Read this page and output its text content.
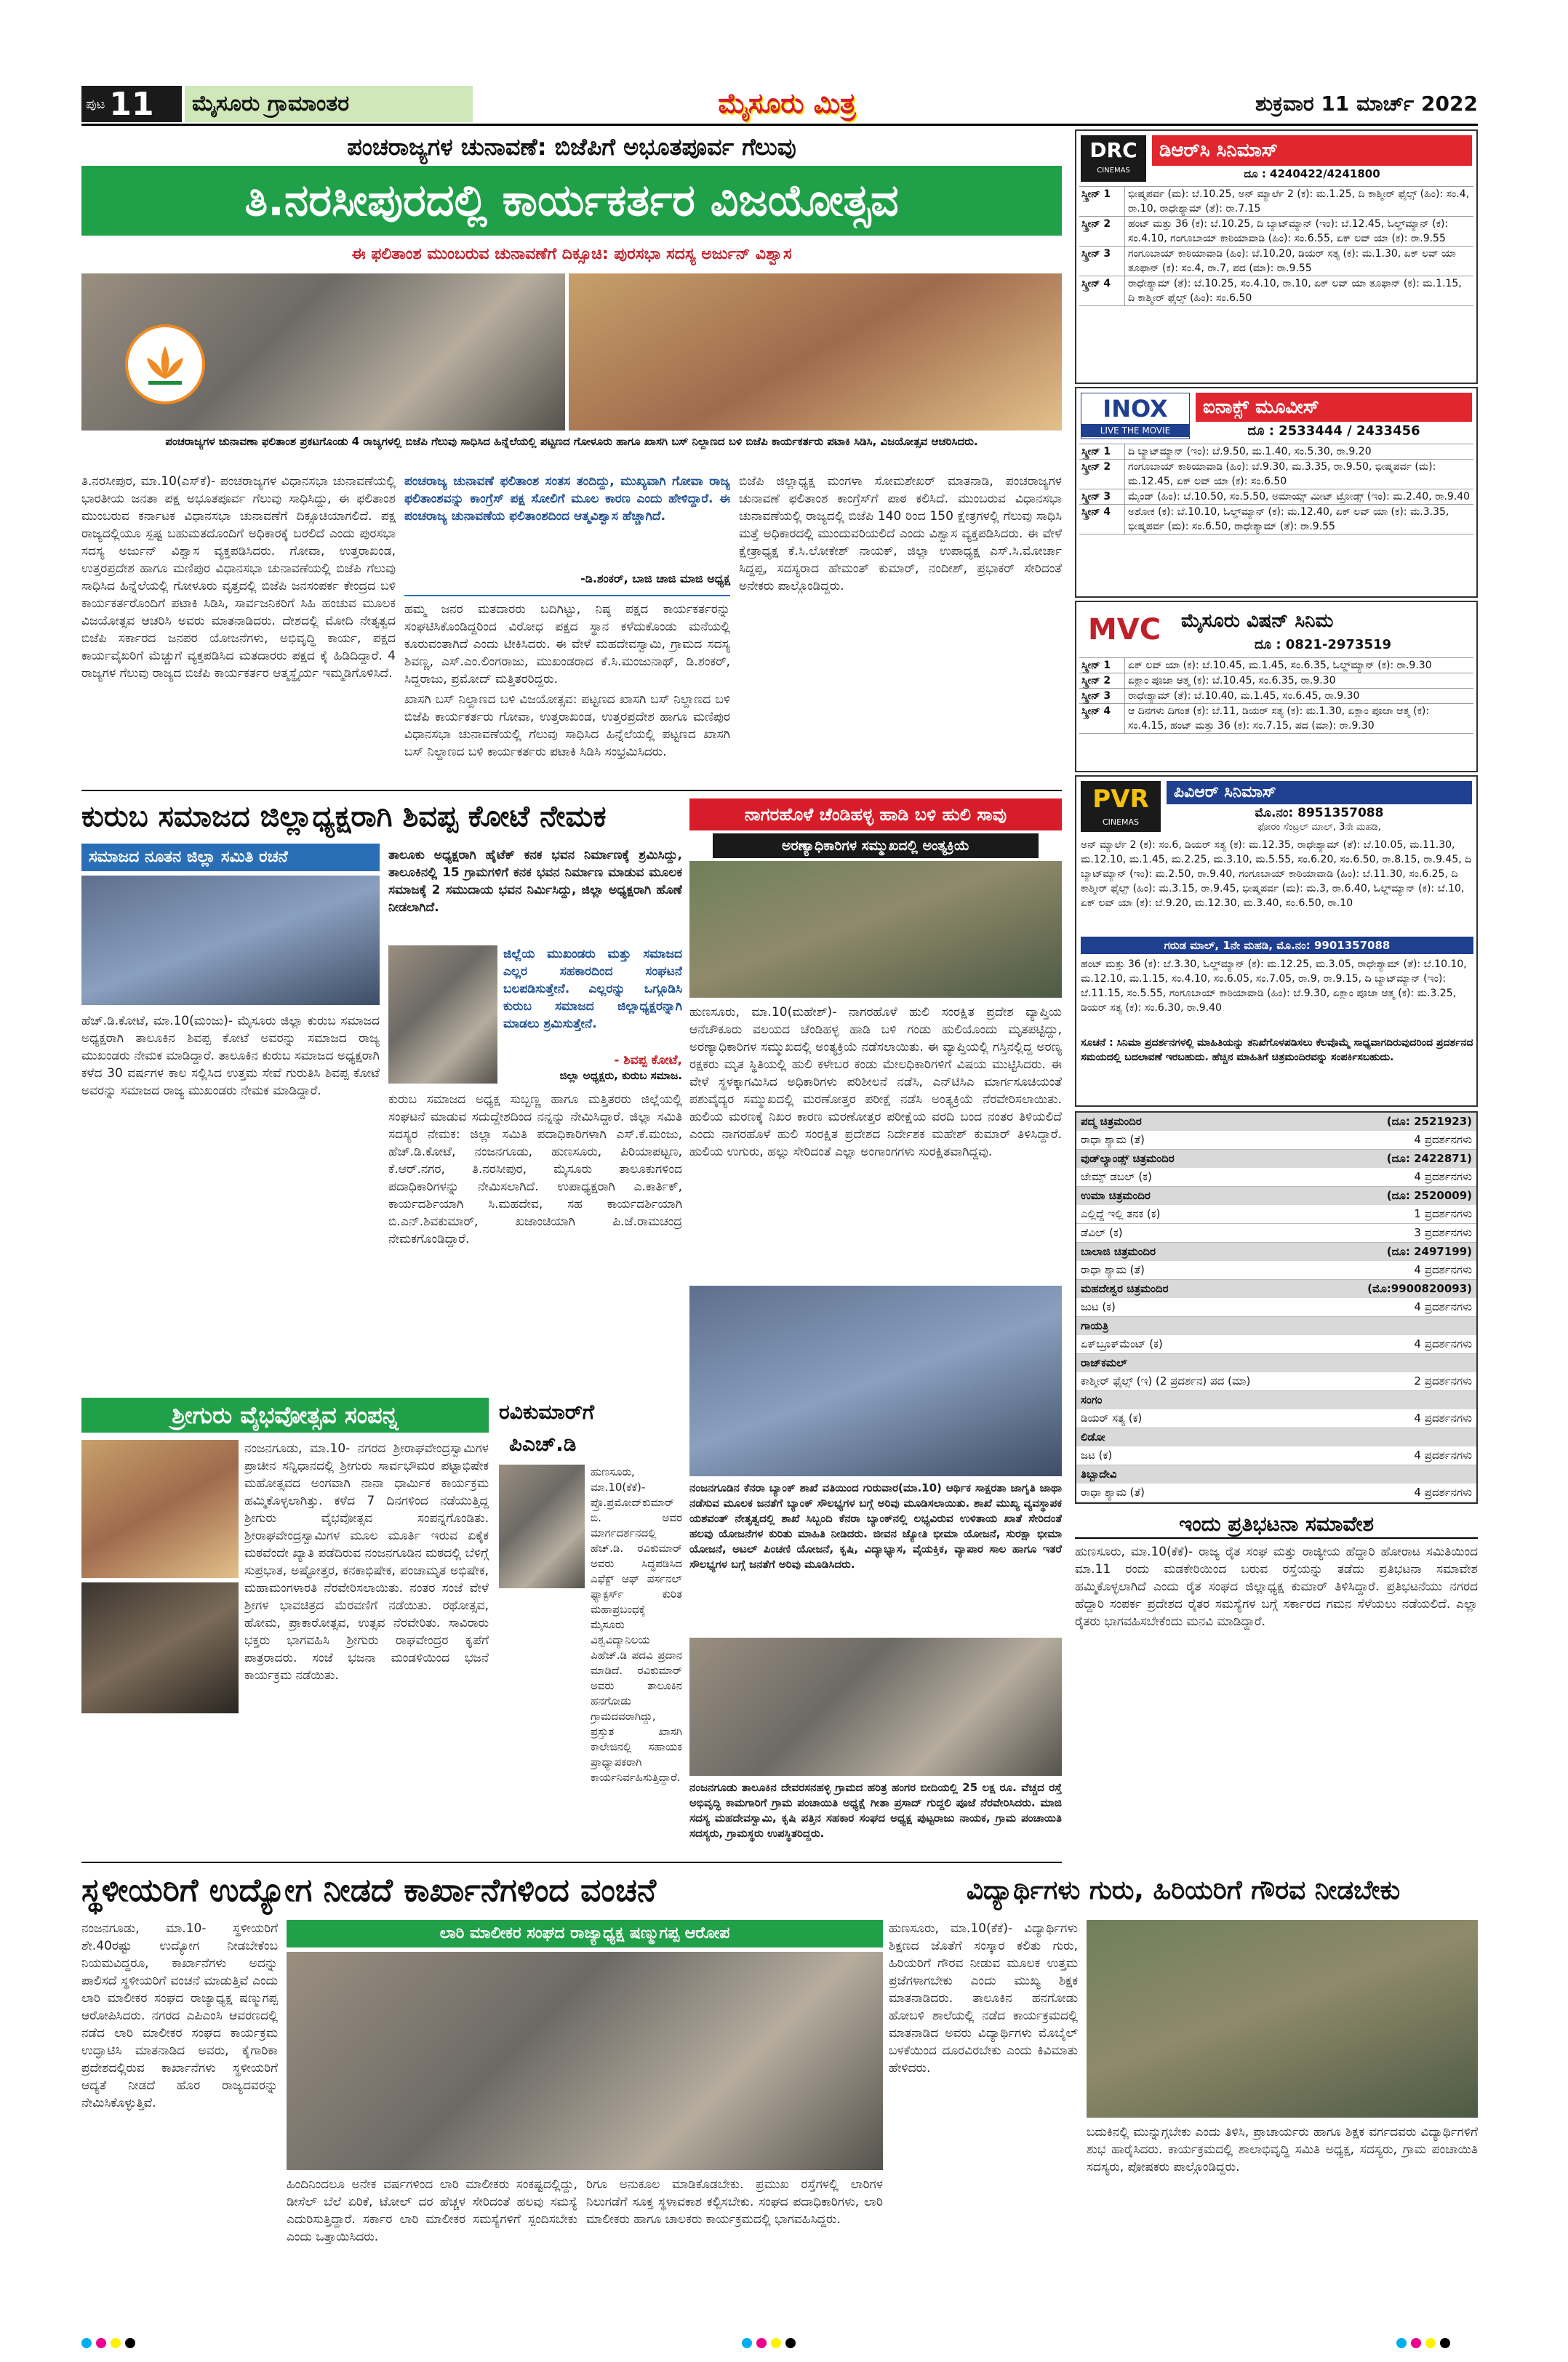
ಪುಟ 11	ಮೈಸೂರು ಗ್ರಾಮಾಂತರ	ಮೈಸೂರು ಮಿತ್ರ	ಶುಕ್ರವಾರ 11 ಮಾರ್ಚ್ 2022
ಪಂಚರಾಜ್ಯಗಳ ಚುನಾವಣೆ: ಬಿಜೆಪಿಗೆ ಅಭೂತಪೂರ್ವ ಗೆಲುವು
ತಿ.ನರಸೀಪುರದಲ್ಲಿ ಕಾರ್ಯಕರ್ತರ ವಿಜಯೋತ್ಸವ
ಈ ಫಲಿತಾಂಶ ಮುಂಬರುವ ಚುನಾವಣೆಗೆ ದಿಕ್ಸೂಚಿ: ಪುರಸಭಾ ಸದಸ್ಯ ಅರ್ಜುನ್ ವಿಶ್ವಾಸ
ಪಂಚರಾಜ್ಯಗಳ ಚುನಾವಣಾ ಫಲಿತಾಂಶ ಪ್ರಕಟಗೊಂಡು 4 ರಾಜ್ಯಗಳಲ್ಲಿ ಬಿಜೆಪಿ ಗೆಲುವು ಸಾಧಿಸಿದ ಹಿನ್ನೆಲೆಯಲ್ಲಿ ಪಟ್ಟಣದ ಗೋಳೂರು ಹಾಗೂ ಖಾಸಗಿ ಬಸ್ ನಿಲ್ದಾಣದ ಬಳಿ ಬಿಜೆಪಿ ಕಾರ್ಯಕರ್ತರು ಪಟಾಕಿ ಸಿಡಿಸಿ, ವಿಜಯೋತ್ಸವ ಆಚರಿಸಿದರು.
ತಿ.ನರಸೀಪುರ, ಮಾ.10(ಎಸ್‌ಕೆ)- ಪಂಚರಾಜ್ಯಗಳ ವಿಧಾನಸಭಾ ಚುನಾವಣೆಯಲ್ಲಿ ಭಾರತೀಯ ಜನತಾ ಪಕ್ಷ ಅಭೂತಪೂರ್ವ ಗೆಲುವು ಸಾಧಿಸಿದ್ದು, ಈ ಫಲಿತಾಂಶ ಮುಂಬರುವ ಕರ್ನಾಟಕ ವಿಧಾನಸಭಾ ಚುನಾವಣೆಗೆ ದಿಕ್ಸೂಚಿಯಾಗಲಿದೆ. ಪಕ್ಷ ರಾಜ್ಯದಲ್ಲಿಯೂ ಸ್ಪಷ್ಟ ಬಹುಮತದೊಂದಿಗೆ ಅಧಿಕಾರಕ್ಕೆ ಬರಲಿದೆ ಎಂದು ಪುರಸಭಾ ಸದಸ್ಯ ಅರ್ಜುನ್ ವಿಶ್ವಾಸ ವ್ಯಕ್ತಪಡಿಸಿದರು. ಗೋವಾ, ಉತ್ತರಾಖಂಡ, ಉತ್ತರಪ್ರದೇಶ ಹಾಗೂ ಮಣಿಪುರ ವಿಧಾನಸಭಾ ಚುನಾವಣೆಯಲ್ಲಿ ಬಿಜೆಪಿ ಗೆಲುವು ಸಾಧಿಸಿದ ಹಿನ್ನೆಲೆಯಲ್ಲಿ ಗೋಳೂರು ವೃತ್ತದಲ್ಲಿ ಬಿಜೆಪಿ ಜನಸಂಪರ್ಕ ಕೇಂದ್ರದ ಬಳಿ ಕಾರ್ಯಕರ್ತರೊಂದಿಗೆ ಪಟಾಕಿ ಸಿಡಿಸಿ, ಸಾರ್ವಜನಿಕರಿಗೆ ಸಿಹಿ ಹಂಚುವ ಮೂಲಕ ವಿಜಯೋತ್ಸವ ಆಚರಿಸಿ ಅವರು ಮಾತನಾಡಿದರು. ದೇಶದಲ್ಲಿ ಮೋದಿ ನೇತೃತ್ವದ ಬಿಜೆಪಿ ಸರ್ಕಾರದ ಜನಪರ ಯೋಜನೆಗಳು, ಅಭಿವೃದ್ಧಿ ಕಾರ್ಯ, ಪಕ್ಷದ ಕಾರ್ಯವೈಖರಿಗೆ ಮೆಚ್ಚುಗೆ ವ್ಯಕ್ತಪಡಿಸಿದ ಮತದಾರರು ಪಕ್ಷದ ಕೈ ಹಿಡಿದಿದ್ದಾರೆ. 4 ರಾಜ್ಯಗಳ ಗೆಲುವು ರಾಜ್ಯದ ಬಿಜೆಪಿ ಕಾರ್ಯಕರ್ತರ ಆತ್ಮಸ್ಥೈರ್ಯ ಇಮ್ಮಡಿಗೊಳಿಸಿದೆ.
ಪಂಚರಾಜ್ಯ ಚುನಾವಣೆ ಫಲಿತಾಂಶ ಸಂತಸ ತಂದಿದ್ದು, ಮುಖ್ಯವಾಗಿ ಗೋವಾ ರಾಜ್ಯ ಫಲಿತಾಂಶವನ್ನು ಕಾಂಗ್ರೆಸ್ ಪಕ್ಷ ಸೋಲಿಗೆ ಮೂಲ ಕಾರಣ ಎಂದು ಹೇಳಿದ್ದಾರೆ. ಈ ಪಂಚರಾಜ್ಯ ಚುನಾವಣೆಯ ಫಲಿತಾಂಶದಿಂದ ಆತ್ಮವಿಶ್ವಾಸ ಹೆಚ್ಚಾಗಿದೆ.
-ಡಿ.ಶಂಕರ್, ಬಾಜಿ ಚಾಜಿ ಮಾಜಿ ಅಧ್ಯಕ್ಷ
ಹಮ್ಮ ಜನರ ಮತದಾರರು ಬದಿಗಿಟ್ಟು, ನಿಷ್ಠ ಪಕ್ಷದ ಕಾರ್ಯಕರ್ತರನ್ನು ಸಂಘಟಿಸಿಕೊಂಡಿದ್ದರಿಂದ ವಿರೋಧ ಪಕ್ಷದ ಸ್ಥಾನ ಕಳೆದುಕೊಂಡು ಮನೆಯಲ್ಲಿ ಕೂರುವಂತಾಗಿದೆ ಎಂದು ಟೀಕಿಸಿದರು. ಈ ವೇಳೆ ಮಹದೇವಸ್ವಾಮಿ, ಗ್ರಾಮದ ಸದಸ್ಯ ಶಿವಣ್ಣ, ಎಸ್.ಎಂ.ಲಿಂಗರಾಜು, ಮುಖಂಡರಾದ ಕೆ.ಸಿ.ಮಂಜುನಾಥ್, ಡಿ.ಶಂಕರ್, ಸಿದ್ದರಾಜು, ಪ್ರಮೋದ್ ಮತ್ತಿತರರಿದ್ದರು.
ಖಾಸಗಿ ಬಸ್ ನಿಲ್ದಾಣದ ಬಳಿ ವಿಜಯೋತ್ಸವ: ಪಟ್ಟಣದ ಖಾಸಗಿ ಬಸ್ ನಿಲ್ದಾಣದ ಬಳಿ ಬಿಜೆಪಿ ಕಾರ್ಯಕರ್ತರು ಗೋವಾ, ಉತ್ತರಾಖಂಡ, ಉತ್ತರಪ್ರದೇಶ ಹಾಗೂ ಮಣಿಪುರ ವಿಧಾನಸಭಾ ಚುನಾವಣೆಯಲ್ಲಿ ಗೆಲುವು ಸಾಧಿಸಿದ ಹಿನ್ನೆಲೆಯಲ್ಲಿ ಪಟ್ಟಣದ ಖಾಸಗಿ ಬಸ್ ನಿಲ್ದಾಣದ ಬಳಿ ಕಾರ್ಯಕರ್ತರು ಪಟಾಕಿ ಸಿಡಿಸಿ ಸಂಭ್ರಮಿಸಿದರು.
ಬಿಜೆಪಿ ಜಿಲ್ಲಾಧ್ಯಕ್ಷ ಮಂಗಳಾ ಸೋಮಶೇಖರ್ ಮಾತನಾಡಿ, ಪಂಚರಾಜ್ಯಗಳ ಚುನಾವಣೆ ಫಲಿತಾಂಶ ಕಾಂಗ್ರೆಸ್‌ಗೆ ಪಾಠ ಕಲಿಸಿದೆ. ಮುಂಬರುವ ವಿಧಾನಸಭಾ ಚುನಾವಣೆಯಲ್ಲಿ ರಾಜ್ಯದಲ್ಲಿ ಬಿಜೆಪಿ 140 ರಿಂದ 150 ಕ್ಷೇತ್ರಗಳಲ್ಲಿ ಗೆಲುವು ಸಾಧಿಸಿ ಮತ್ತೆ ಅಧಿಕಾರದಲ್ಲಿ ಮುಂದುವರಿಯಲಿದೆ ಎಂದು ವಿಶ್ವಾಸ ವ್ಯಕ್ತಪಡಿಸಿದರು. ಈ ವೇಳೆ ಕ್ಷೇತ್ರಾಧ್ಯಕ್ಷ ಕೆ.ಸಿ.ಲೋಕೇಶ್ ನಾಯಕ್, ಜಿಲ್ಲಾ ಉಪಾಧ್ಯಕ್ಷ ಎಸ್.ಸಿ.ಮೋರ್ಚಾ ಸಿದ್ದಪ್ಪ, ಸದಸ್ಯರಾದ ಹೇಮಂತ್ ಕುಮಾರ್, ನಂದೀಶ್, ಪ್ರಭಾಕರ್ ಸೇರಿದಂತೆ ಅನೇಕರು ಪಾಲ್ಗೊಂಡಿದ್ದರು.
ಕುರುಬ ಸಮಾಜದ ಜಿಲ್ಲಾಧ್ಯಕ್ಷರಾಗಿ ಶಿವಪ್ಪ ಕೋಟೆ ನೇಮಕ
ಸಮಾಜದ ನೂತನ ಜಿಲ್ಲಾ ಸಮಿತಿ ರಚನೆ
ಹೆಚ್.ಡಿ.ಕೋಟೆ, ಮಾ.10(ಮಂಜು)- ಮೈಸೂರು ಜಿಲ್ಲಾ ಕುರುಬ ಸಮಾಜದ ಅಧ್ಯಕ್ಷರಾಗಿ ತಾಲೂಕಿನ ಶಿವಪ್ಪ ಕೋಟೆ ಅವರನ್ನು ಸಮಾಜದ ರಾಜ್ಯ ಮುಖಂಡರು ನೇಮಕ ಮಾಡಿದ್ದಾರೆ. ತಾಲೂಕಿನ ಕುರುಬ ಸಮಾಜದ ಅಧ್ಯಕ್ಷರಾಗಿ ಕಳೆದ 30 ವರ್ಷಗಳ ಕಾಲ ಸಲ್ಲಿಸಿದ ಉತ್ತಮ ಸೇವೆ ಗುರುತಿಸಿ ಶಿವಪ್ಪ ಕೋಟೆ ಅವರನ್ನು ಸಮಾಜದ ರಾಜ್ಯ ಮುಖಂಡರು ನೇಮಕ ಮಾಡಿದ್ದಾರೆ.
ತಾಲೂಕು ಅಧ್ಯಕ್ಷರಾಗಿ ಹೈಟೆಕ್ ಕನಕ ಭವನ ನಿರ್ಮಾಣಕ್ಕೆ ಶ್ರಮಿಸಿದ್ದು, ತಾಲೂಕಿನಲ್ಲಿ 15 ಗ್ರಾಮಗಳಿಗೆ ಕನಕ ಭವನ ನಿರ್ಮಾಣ ಮಾಡುವ ಮೂಲಕ ಸಮಾಜಕ್ಕೆ 2 ಸಮುದಾಯ ಭವನ ನಿರ್ಮಿಸಿದ್ದು, ಜಿಲ್ಲಾ ಅಧ್ಯಕ್ಷರಾಗಿ ಹೊಣೆ ನೀಡಲಾಗಿದೆ.
ಜಿಲ್ಲೆಯ ಮುಖಂಡರು ಮತ್ತು ಸಮಾಜದ ಎಲ್ಲರ ಸಹಕಾರದಿಂದ ಸಂಘಟನೆ ಬಲಪಡಿಸುತ್ತೇನೆ. ಎಲ್ಲರನ್ನು ಒಗ್ಗೂಡಿಸಿ ಕುರುಬ ಸಮಾಜದ ಜಿಲ್ಲಾಧ್ಯಕ್ಷರನ್ನಾಗಿ ಮಾಡಲು ಶ್ರಮಿಸುತ್ತೇನೆ.
- ಶಿವಪ್ಪ ಕೋಟೆ,
ಜಿಲ್ಲಾ ಅಧ್ಯಕ್ಷರು, ಕುರುಬ ಸಮಾಜ.
ಕುರುಬ ಸಮಾಜದ ಅಧ್ಯಕ್ಷ ಸುಬ್ಬಣ್ಣ ಹಾಗೂ ಮತ್ತಿತರರು ಜಿಲ್ಲೆಯಲ್ಲಿ ಸಂಘಟನೆ ಮಾಡುವ ಸದುದ್ದೇಶದಿಂದ ನನ್ನನ್ನು ನೇಮಿಸಿದ್ದಾರೆ. ಜಿಲ್ಲಾ ಸಮಿತಿ ಸದಸ್ಯರ ನೇಮಕ: ಜಿಲ್ಲಾ ಸಮಿತಿ ಪದಾಧಿಕಾರಿಗಳಾಗಿ ಎಸ್.ಕೆ.ಮಂಜು, ಹೆಚ್.ಡಿ.ಕೋಟೆ, ನಂಜನಗೂಡು, ಹುಣಸೂರು, ಪಿರಿಯಾಪಟ್ಟಣ, ಕೆ.ಆರ್.ನಗರ, ತಿ.ನರಸೀಪುರ, ಮೈಸೂರು ತಾಲೂಕುಗಳಿಂದ ಪದಾಧಿಕಾರಿಗಳನ್ನು ನೇಮಿಸಲಾಗಿದೆ. ಉಪಾಧ್ಯಕ್ಷರಾಗಿ ಎ.ಕಾರ್ತಿಕ್, ಕಾರ್ಯದರ್ಶಿಯಾಗಿ ಸಿ.ಮಹದೇವ, ಸಹ ಕಾರ್ಯದರ್ಶಿಯಾಗಿ ಬಿ.ಎನ್.ಶಿವಕುಮಾರ್, ಖಜಾಂಚಿಯಾಗಿ ಪಿ.ಜೆ.ರಾಮಚಂದ್ರ ನೇಮಕಗೊಂಡಿದ್ದಾರೆ.
ನಾಗರಹೊಳೆ ಚೆಂಡಿಹಳ್ಳ ಹಾಡಿ ಬಳಿ ಹುಲಿ ಸಾವು
ಅರಣ್ಯಾಧಿಕಾರಿಗಳ ಸಮ್ಮುಖದಲ್ಲಿ ಅಂತ್ಯಕ್ರಿಯೆ
ಹುಣಸೂರು, ಮಾ.10(ಮಹೇಶ್)- ನಾಗರಹೊಳೆ ಹುಲಿ ಸಂರಕ್ಷಿತ ಪ್ರದೇಶ ವ್ಯಾಪ್ತಿಯ ಆನೆಚೌಕೂರು ವಲಯದ ಚೆಂಡಿಹಳ್ಳ ಹಾಡಿ ಬಳಿ ಗಂಡು ಹುಲಿಯೊಂದು ಮೃತಪಟ್ಟಿದ್ದು, ಅರಣ್ಯಾಧಿಕಾರಿಗಳ ಸಮ್ಮುಖದಲ್ಲಿ ಅಂತ್ಯಕ್ರಿಯೆ ನಡೆಸಲಾಯಿತು. ಈ ವ್ಯಾಪ್ತಿಯಲ್ಲಿ ಗಸ್ತಿನಲ್ಲಿದ್ದ ಅರಣ್ಯ ರಕ್ಷಕರು ಮೃತ ಸ್ಥಿತಿಯಲ್ಲಿ ಹುಲಿ ಕಳೇಬರ ಕಂಡು ಮೇಲಧಿಕಾರಿಗಳಿಗೆ ವಿಷಯ ಮುಟ್ಟಿಸಿದರು. ಈ ವೇಳೆ ಸ್ಥಳಕ್ಕಾಗಮಿಸಿದ ಅಧಿಕಾರಿಗಳು ಪರಿಶೀಲನೆ ನಡೆಸಿ, ಎನ್‌ಟಿಸಿಎ ಮಾರ್ಗಸೂಚಿಯಂತೆ ಪಶುವೈದ್ಯರ ಸಮ್ಮುಖದಲ್ಲಿ ಮರಣೋತ್ತರ ಪರೀಕ್ಷೆ ನಡೆಸಿ ಅಂತ್ಯಕ್ರಿಯೆ ನೆರವೇರಿಸಲಾಯಿತು. ಹುಲಿಯ ಮರಣಕ್ಕೆ ನಿಖರ ಕಾರಣ ಮರಣೋತ್ತರ ಪರೀಕ್ಷೆಯ ವರದಿ ಬಂದ ನಂತರ ತಿಳಿಯಲಿದೆ ಎಂದು ನಾಗರಹೊಳೆ ಹುಲಿ ಸಂರಕ್ಷಿತ ಪ್ರದೇಶದ ನಿರ್ದೇಶಕ ಮಹೇಶ್ ಕುಮಾರ್ ತಿಳಿಸಿದ್ದಾರೆ. ಹುಲಿಯ ಉಗುರು, ಹಲ್ಲು ಸೇರಿದಂತೆ ಎಲ್ಲಾ ಅಂಗಾಂಗಗಳು ಸುರಕ್ಷಿತವಾಗಿದ್ದವು.
ನಂಜನಗೂಡಿನ ಕೆನರಾ ಬ್ಯಾಂಕ್ ಶಾಖೆ ವತಿಯಿಂದ ಗುರುವಾರ(ಮಾ.10) ಆರ್ಥಿಕ ಸಾಕ್ಷರತಾ ಜಾಗೃತಿ ಜಾಥಾ ನಡೆಸುವ ಮೂಲಕ ಜನತೆಗೆ ಬ್ಯಾಂಕ್ ಸೌಲಭ್ಯಗಳ ಬಗ್ಗೆ ಅರಿವು ಮೂಡಿಸಲಾಯಿತು. ಶಾಖೆ ಮುಖ್ಯ ವ್ಯವಸ್ಥಾಪಕ ಯಶವಂತ್ ನೇತೃತ್ವದಲ್ಲಿ ಶಾಖೆ ಸಿಬ್ಬಂದಿ ಕೆನರಾ ಬ್ಯಾಂಕ್‌ನಲ್ಲಿ ಲಭ್ಯವಿರುವ ಉಳಿತಾಯ ಖಾತೆ ಸೇರಿದಂತೆ ಹಲವು ಯೋಜನೆಗಳ ಕುರಿತು ಮಾಹಿತಿ ನೀಡಿದರು. ಜೀವನ ಜ್ಯೋತಿ ಭೀಮಾ ಯೋಜನೆ, ಸುರಕ್ಷಾ ಭೀಮಾ ಯೋಜನೆ, ಅಟಲ್ ಪಿಂಚಣಿ ಯೋಜನೆ, ಕೃಷಿ, ವಿದ್ಯಾಭ್ಯಾಸ, ವೈಯಕ್ತಿಕ, ವ್ಯಾಪಾರ ಸಾಲ ಹಾಗೂ ಇತರೆ ಸೌಲಭ್ಯಗಳ ಬಗ್ಗೆ ಜನತೆಗೆ ಅರಿವು ಮೂಡಿಸಿದರು.
ನಂಜನಗೂಡು ತಾಲೂಕಿನ ದೇವರಸನಹಳ್ಳಿ ಗ್ರಾಮದ ಹರಿತ್ರ ಹಂಗರ ಬೀದಿಯಲ್ಲಿ 25 ಲಕ್ಷ ರೂ. ವೆಚ್ಚದ ರಸ್ತೆ ಅಭಿವೃದ್ಧಿ ಕಾಮಗಾರಿಗೆ ಗ್ರಾಮ ಪಂಚಾಯಿತಿ ಅಧ್ಯಕ್ಷೆ ಗೀತಾ ಪ್ರಸಾದ್ ಗುದ್ದಲಿ ಪೂಜೆ ನೆರವೇರಿಸಿದರು. ಮಾಜಿ ಸದಸ್ಯ ಮಹದೇವಸ್ವಾಮಿ, ಕೃಷಿ ಪತ್ತಿನ ಸಹಕಾರ ಸಂಘದ ಅಧ್ಯಕ್ಷ ಪುಟ್ಟರಾಜು ನಾಯಕ, ಗ್ರಾಮ ಪಂಚಾಯಿತಿ ಸದಸ್ಯರು, ಗ್ರಾಮಸ್ಥರು ಉಪಸ್ಥಿತರಿದ್ದರು.
ಶ್ರೀಗುರು ವೈಭವೋತ್ಸವ ಸಂಪನ್ನ
ನಂಜನಗೂಡು, ಮಾ.10- ನಗರದ ಶ್ರೀರಾಘವೇಂದ್ರಸ್ವಾಮಿಗಳ ಪ್ರಾಚೀನ ಸನ್ನಿಧಾನದಲ್ಲಿ ಶ್ರೀಗುರು ಸಾರ್ವಭೌಮರ ಪಟ್ಟಾಭಿಷೇಕ ಮಹೋತ್ಸವದ ಅಂಗವಾಗಿ ನಾನಾ ಧಾರ್ಮಿಕ ಕಾರ್ಯಕ್ರಮ ಹಮ್ಮಿಕೊಳ್ಳಲಾಗಿತ್ತು. ಕಳೆದ 7 ದಿನಗಳಿಂದ ನಡೆಯುತ್ತಿದ್ದ ಶ್ರೀಗುರು ವೈಭವೋತ್ಸವ ಸಂಪನ್ನಗೊಂಡಿತು. ಶ್ರೀರಾಘವೇಂದ್ರಸ್ವಾಮಿಗಳ ಮೂಲ ಮೂರ್ತಿ ಇರುವ ಏಕೈಕ ಮಠವೆಂದೇ ಖ್ಯಾತಿ ಪಡೆದಿರುವ ನಂಜನಗೂಡಿನ ಮಠದಲ್ಲಿ ಬೆಳಿಗ್ಗೆ ಸುಪ್ರಭಾತ, ಅಷ್ಟೋತ್ತರ, ಕನಕಾಭಿಷೇಕ, ಪಂಚಾಮೃತ ಅಭಿಷೇಕ, ಮಹಾಮಂಗಳಾರತಿ ನೆರವೇರಿಸಲಾಯಿತು. ನಂತರ ಸಂಜೆ ವೇಳೆ ಶ್ರೀಗಳ ಭಾವಚಿತ್ರದ ಮೆರವಣಿಗೆ ನಡೆಯಿತು. ರಥೋತ್ಸವ, ಹೋಮ, ಪ್ರಾಕಾರೋತ್ಸವ, ಉತ್ಸವ ನೆರವೇರಿತು. ಸಾವಿರಾರು ಭಕ್ತರು ಭಾಗವಹಿಸಿ ಶ್ರೀಗುರು ರಾಘವೇಂದ್ರರ ಕೃಪೆಗೆ ಪಾತ್ರರಾದರು. ಸಂಜೆ ಭಜನಾ ಮಂಡಳಿಯಿಂದ ಭಜನೆ ಕಾರ್ಯಕ್ರಮ ನಡೆಯಿತು.
ರವಿಕುಮಾರ್‌ಗೆ
ಪಿಎಚ್.ಡಿ
ಹುಣಸೂರು, ಮಾ.10(ಕೆಕೆ)- ಪ್ರೊ.ಪ್ರಮೋದ್‌ಕುಮಾರ್ ಬಿ. ಅವರ ಮಾರ್ಗದರ್ಶನದಲ್ಲಿ ಹೆಚ್.ಡಿ. ರವಿಕುಮಾರ್ ಅವರು ಸಿದ್ಧಪಡಿಸಿದ ಎಫೆಕ್ಟ್ ಆಫ್ ಪರ್ಸನಲ್ ಫ್ಯಾಕ್ಟರ್ಸ್ ಕುರಿತ ಮಹಾಪ್ರಬಂಧಕ್ಕೆ ಮೈಸೂರು ವಿಶ್ವವಿದ್ಯಾನಿಲಯ ಪಿಹೆಚ್.ಡಿ ಪದವಿ ಪ್ರದಾನ ಮಾಡಿದೆ. ರವಿಕುಮಾರ್ ಅವರು ತಾಲೂಕಿನ ಹನಗೋಡು ಗ್ರಾಮದವರಾಗಿದ್ದು, ಪ್ರಸ್ತುತ ಖಾಸಗಿ ಕಾಲೇಜಿನಲ್ಲಿ ಸಹಾಯಕ ಪ್ರಾಧ್ಯಾಪಕರಾಗಿ ಕಾರ್ಯನಿರ್ವಹಿಸುತ್ತಿದ್ದಾರೆ.
DRC
CINEMAS
ಡಿಆರ್‌ಸಿ ಸಿನಿಮಾಸ್
ದೂ : 4240422/4241800
ಸ್ಕ್ರೀನ್ 1	ಭೀಷ್ಮಪರ್ವ (ಮ): ಬೆ.10.25, ಅನ್ ಮ್ಯಾರ್ಲೆ 2 (ಕ): ಮ.1.25, ದಿ ಕಾಶ್ಮೀರ್ ಫೈಲ್ಸ್ (ಹಿಂ): ಸಂ.4, ರಾ.10, ರಾಧೇಶ್ಯಾಮ್ (ತೆ): ರಾ.7.15
ಸ್ಕ್ರೀನ್ 2	ಹಂಟ್ ಮತ್ತು 36 (ಕ): ಬೆ.10.25, ದಿ ಬ್ಯಾಟ್‌ಮ್ಯಾನ್ (ಇಂ): ಬೆ.12.45, ಓಲ್ಡ್‌ಮ್ಯಾನ್ (ಕ): ಸಂ.4.10, ಗಂಗೂಬಾಯ್ ಕಾಠಿಯಾವಾಡಿ (ಹಿಂ): ಸಂ.6.55, ಏಕ್ ಲವ್ ಯಾ (ಕ): ರಾ.9.55
ಸ್ಕ್ರೀನ್ 3	ಗಂಗೂಬಾಯ್ ಕಾಠಿಯಾವಾಡಿ (ಹಿಂ): ಬೆ.10.20, ಡಿಯರ್ ಸತ್ಯ (ಕ): ಮ.1.30, ಏಕ್ ಲವ್ ಯಾ ತೂಫಾನ್ (ಕ): ಸಂ.4, ರಾ.7, ಪದ (ಮಾ): ರಾ.9.55
ಸ್ಕ್ರೀನ್ 4	ರಾಧೇಶ್ಯಾಮ್ (ತೆ): ಬೆ.10.25, ಸಂ.4.10, ರಾ.10, ಏಕ್ ಲವ್ ಯಾ ತೂಫಾನ್ (ಕ): ಮ.1.15, ದಿ ಕಾಶ್ಮೀರ್ ಫೈಲ್ಸ್ (ಹಿಂ): ಸಂ.6.50
INOX
LIVE THE MOVIE
ಐನಾಕ್ಸ್ ಮೂವೀಸ್
ದೂ : 2533444 / 2433456
ಸ್ಕ್ರೀನ್ 1	ದಿ ಬ್ಯಾಟ್‌ಮ್ಯಾನ್ (ಇಂ): ಬೆ.9.50, ಮ.1.40, ಸಂ.5.30, ರಾ.9.20
ಸ್ಕ್ರೀನ್ 2	ಗಂಗೂಬಾಯ್ ಕಾಠಿಯಾವಾಡಿ (ಹಿಂ): ಬೆ.9.30, ಮ.3.35, ರಾ.9.50, ಭೀಷ್ಮಪರ್ವ (ಮ): ಮ.12.45, ಏಕ್ ಲವ್ ಯಾ (ಕ): ಸಂ.6.50
ಸ್ಕ್ರೀನ್ 3	ಮೈಂಡ್ (ಹಿಂ): ಬೆ.10.50, ಸಂ.5.50, ಅಮಾಯ್ಸ್ ಮೀಟ್ ಟ್ರೋಡ್ಸ್ (ಇಂ): ಮ.2.40, ರಾ.9.40
ಸ್ಕ್ರೀನ್ 4	ಅಶೋಕ (ಕ): ಬೆ.10.10, ಓಲ್ಡ್‌ಮ್ಯಾನ್ (ಕ): ಮ.12.40, ಏಕ್ ಲವ್ ಯಾ (ಕ): ಮ.3.35, ಭೀಷ್ಮಪರ್ವ (ಮ): ಸಂ.6.50, ರಾಧೇಶ್ಯಾಮ್ (ತೆ): ರಾ.9.55
MVC	ಮೈಸೂರು ವಿಷನ್ ಸಿನಿಮ
ದೂ : 0821-2973519
ಸ್ಕ್ರೀನ್ 1	ಏಕ್ ಲವ್ ಯಾ (ಕ): ಬೆ.10.45, ಮ.1.45, ಸಂ.6.35, ಓಲ್ಡ್‌ಮ್ಯಾನ್ (ಕ): ರಾ.9.30
ಸ್ಕ್ರೀನ್ 2	ಏಕ್ಲಾಂ ಪೂಜಾ ಆತ್ಮ (ಕ): ಬೆ.10.45, ಸಂ.6.35, ರಾ.9.30
ಸ್ಕ್ರೀನ್ 3	ರಾಧೇಶ್ಯಾಮ್ (ತೆ): ಬೆ.10.40, ಮ.1.45, ಸಂ.6.45, ರಾ.9.30
ಸ್ಕ್ರೀನ್ 4	ಆ ದಿನಗಳು ದಿಗಂತ (ಕ): ಬೆ.11, ಡಿಯರ್ ಸತ್ಯ (ಕ): ಮ.1.30, ಏಕ್ಲಾಂ ಪೂಜಾ ಆತ್ಮ (ಕ): ಸಂ.4.15, ಹಂಟ್ ಮತ್ತು 36 (ಕ): ಸಂ.7.15, ಪದ (ಮಾ): ರಾ.9.30
PVR
CINEMAS
ಪಿವಿಆರ್ ಸಿನಿಮಾಸ್
ಮೊ.ನಂ: 8951357088
ಫೋರಂ ಸೆಂಟ್ರಲ್ ಮಾಲ್, 3ನೇ ಮಹಡಿ,
ಅನ್ ಮ್ಯಾರ್ಲೆ 2 (ಕ): ಸಂ.6, ಡಿಯರ್ ಸತ್ಯ (ಕ): ಮ.12.35, ರಾಧೇಶ್ಯಾಮ್ (ತೆ): ಬೆ.10.05, ಮ.11.30, ಮ.12.10, ಮ.1.45, ಮ.2.25, ಮ.3.10, ಮ.5.55, ಸಂ.6.20, ಸಂ.6.50, ರಾ.8.15, ರಾ.9.45, ದಿ ಬ್ಯಾಟ್‌ಮ್ಯಾನ್ (ಇಂ): ಮ.2.50, ರಾ.9.40, ಗಂಗೂಬಾಯ್ ಕಾಠಿಯಾವಾಡಿ (ಹಿಂ): ಬೆ.11.30, ಸಂ.6.25, ದಿ ಕಾಶ್ಮೀರ್ ಫೈಲ್ಸ್ (ಹಿಂ): ಮ.3.15, ರಾ.9.45, ಭೀಷ್ಮಪರ್ವ (ಮ): ಮ.3, ರಾ.6.40, ಓಲ್ಡ್‌ಮ್ಯಾನ್ (ಕ): ಬೆ.10, ಏಕ್ ಲವ್ ಯಾ (ಕ): ಬೆ.9.20, ಮ.12.30, ಮ.3.40, ಸಂ.6.50, ರಾ.10
ಗರುಡ ಮಾಲ್, 1ನೇ ಮಹಡಿ, ಮೊ.ನಂ: 9901357088
ಹಂಟ್ ಮತ್ತು 36 (ಕ): ಬೆ.3.30, ಓಲ್ಡ್‌ಮ್ಯಾನ್ (ಕ): ಮ.12.25, ಮ.3.05, ರಾಧೇಶ್ಯಾಮ್ (ತೆ): ಬೆ.10.10, ಮ.12.10, ಮ.1.15, ಸಂ.4.10, ಸಂ.6.05, ಸಂ.7.05, ರಾ.9, ರಾ.9.15, ದಿ ಬ್ಯಾಟ್‌ಮ್ಯಾನ್ (ಇಂ): ಬೆ.11.15, ಸಂ.5.55, ಗಂಗೂಬಾಯ್ ಕಾಠಿಯಾವಾಡಿ (ಹಿಂ): ಬೆ.9.30, ಏಕ್ಲಾಂ ಪೂಜಾ ಆತ್ಮ (ಕ): ಮ.3.25, ಡಿಯರ್ ಸತ್ಯ (ಕ): ಸಂ.6.30, ರಾ.9.40
ಸೂಚನೆ : ಸಿನಿಮಾ ಪ್ರದರ್ಶನಗಳಲ್ಲಿ ಮಾಹಿತಿಯನ್ನು ತನಿಖೆಗೊಳಪಡಿಸಲು ಕೆಲವೊಮ್ಮೆ ಸಾಧ್ಯವಾಗದಿರುವುದರಿಂದ ಪ್ರದರ್ಶನದ ಸಮಯದಲ್ಲಿ ಬದಲಾವಣೆ ಇರಬಹುದು. ಹೆಚ್ಚಿನ ಮಾಹಿತಿಗೆ ಚಿತ್ರಮಂದಿರವನ್ನು ಸಂಪರ್ಕಿಸಬಹುದು.
ಪದ್ಮ ಚಿತ್ರಮಂದಿರ	(ದೂ: 2521923)
ರಾಧಾ ಶ್ಯಾಮ (ತೆ)	4 ಪ್ರದರ್ಶನಗಳು
ವುಡ್‌ಲ್ಯಾಂಡ್ಸ್ ಚಿತ್ರಮಂದಿರ	(ದೂ: 2422871)
ಜೇಮ್ಸ್ ಡಬಲ್ (ಕ)	4 ಪ್ರದರ್ಶನಗಳು
ಉಮಾ ಚಿತ್ರಮಂದಿರ	(ದೂ: 2520009)
ಎಲ್ಲಿದ್ದೆ ಇಲ್ಲಿ ತನಕ (ಕ)	1 ಪ್ರದರ್ಶನಗಳು
ಡೆವಿಲ್ (ಕ)	3 ಪ್ರದರ್ಶನಗಳು
ಬಾಲಾಜಿ ಚಿತ್ರಮಂದಿರ	(ದೂ: 2497199)
ರಾಧಾ ಶ್ಯಾಮ (ತೆ)	4 ಪ್ರದರ್ಶನಗಳು
ಮಹದೇಶ್ವರ ಚಿತ್ರಮಂದಿರ	(ಮೊ:9900820093)
ಜುಟ (ಕ)	4 ಪ್ರದರ್ಶನಗಳು
ಗಾಯತ್ರಿ
ಏಕ್‌ಬ್ರೂಕ್‌ಮೆಂಟ್ (ಕ)	4 ಪ್ರದರ್ಶನಗಳು
ರಾಜ್‌ಕಮಲ್
ಕಾಶ್ಮೀರ್ ಫೈಲ್ಸ್ (ಇ) (2 ಪ್ರದರ್ಶನ) ಪದ (ಮಾ)	2 ಪ್ರದರ್ಶನಗಳು
ಸಂಗಂ
ಡಿಯರ್ ಸತ್ಯ (ಕ)	4 ಪ್ರದರ್ಶನಗಳು
ಲಿಡೋ
ಜಟ (ಕ)	4 ಪ್ರದರ್ಶನಗಳು
ತಿಬ್ಬಾದೇವಿ
ರಾಧಾ ಶ್ಯಾಮ (ತೆ)	4 ಪ್ರದರ್ಶನಗಳು
ಇಂದು ಪ್ರತಿಭಟನಾ ಸಮಾವೇಶ
ಹುಣಸೂರು, ಮಾ.10(ಕೆಕೆ)- ರಾಜ್ಯ ರೈತ ಸಂಘ ಮತ್ತು ರಾಜ್ಯೀಯ ಹೆದ್ದಾರಿ ಹೋರಾಟ ಸಮಿತಿಯಿಂದ ಮಾ.11 ರಂದು ಮಡಕೇರಿಯಿಂದ ಬರುವ ರಸ್ತೆಯನ್ನು ತಡೆದು ಪ್ರತಿಭಟನಾ ಸಮಾವೇಶ ಹಮ್ಮಿಕೊಳ್ಳಲಾಗಿದೆ ಎಂದು ರೈತ ಸಂಘದ ಜಿಲ್ಲಾಧ್ಯಕ್ಷ ಕುಮಾರ್ ತಿಳಿಸಿದ್ದಾರೆ. ಪ್ರತಿಭಟನೆಯು ನಗರದ ಹೆದ್ದಾರಿ ಸಂಪರ್ಕ ಪ್ರದೇಶದ ರೈತರ ಸಮಸ್ಯೆಗಳ ಬಗ್ಗೆ ಸರ್ಕಾರದ ಗಮನ ಸೆಳೆಯಲು ನಡೆಯಲಿದೆ. ಎಲ್ಲಾ ರೈತರು ಭಾಗವಹಿಸಬೇಕೆಂದು ಮನವಿ ಮಾಡಿದ್ದಾರೆ.
ಸ್ಥಳೀಯರಿಗೆ ಉದ್ಯೋಗ ನೀಡದೆ ಕಾರ್ಖಾನೆಗಳಿಂದ ವಂಚನೆ
ನಂಜನಗೂಡು, ಮಾ.10- ಸ್ಥಳೀಯರಿಗೆ ಶೇ.40ರಷ್ಟು ಉದ್ಯೋಗ ನೀಡಬೇಕೆಂಬ ನಿಯಮವಿದ್ದರೂ, ಕಾರ್ಖಾನೆಗಳು ಅದನ್ನು ಪಾಲಿಸದೆ ಸ್ಥಳೀಯರಿಗೆ ವಂಚನೆ ಮಾಡುತ್ತಿವೆ ಎಂದು ಲಾರಿ ಮಾಲೀಕರ ಸಂಘದ ರಾಜ್ಯಾಧ್ಯಕ್ಷ ಷಣ್ಮುಗಪ್ಪ ಆರೋಪಿಸಿದರು. ನಗರದ ಎಪಿಎಂಸಿ ಆವರಣದಲ್ಲಿ ನಡೆದ ಲಾರಿ ಮಾಲೀಕರ ಸಂಘದ ಕಾರ್ಯಕ್ರಮ ಉದ್ಘಾಟಿಸಿ ಮಾತನಾಡಿದ ಅವರು, ಕೈಗಾರಿಕಾ ಪ್ರದೇಶದಲ್ಲಿರುವ ಕಾರ್ಖಾನೆಗಳು ಸ್ಥಳೀಯರಿಗೆ ಆದ್ಯತೆ ನೀಡದೆ ಹೊರ ರಾಜ್ಯದವರನ್ನು ನೇಮಿಸಿಕೊಳ್ಳುತ್ತಿವೆ.
ಲಾರಿ ಮಾಲೀಕರ ಸಂಘದ ರಾಜ್ಯಾಧ್ಯಕ್ಷ ಷಣ್ಮುಗಪ್ಪ ಆರೋಪ
ಹಿಂದಿನಿಂದಲೂ ಅನೇಕ ವರ್ಷಗಳಿಂದ ಲಾರಿ ಮಾಲೀಕರು ಸಂಕಷ್ಟದಲ್ಲಿದ್ದು, ಡೀಸೆಲ್ ಬೆಲೆ ಏರಿಕೆ, ಟೋಲ್ ದರ ಹೆಚ್ಚಳ ಸೇರಿದಂತೆ ಹಲವು ಸಮಸ್ಯೆ ಎದುರಿಸುತ್ತಿದ್ದಾರೆ. ಸರ್ಕಾರ ಲಾರಿ ಮಾಲೀಕರ ಸಮಸ್ಯೆಗಳಿಗೆ ಸ್ಪಂದಿಸಬೇಕು ಎಂದು ಒತ್ತಾಯಿಸಿದರು.
ರಿಗೂ ಅನುಕೂಲ ಮಾಡಿಕೊಡಬೇಕು. ಪ್ರಮುಖ ರಸ್ತೆಗಳಲ್ಲಿ ಲಾರಿಗಳ ನಿಲುಗಡೆಗೆ ಸೂಕ್ತ ಸ್ಥಳಾವಕಾಶ ಕಲ್ಪಿಸಬೇಕು. ಸಂಘದ ಪದಾಧಿಕಾರಿಗಳು, ಲಾರಿ ಮಾಲೀಕರು ಹಾಗೂ ಚಾಲಕರು ಕಾರ್ಯಕ್ರಮದಲ್ಲಿ ಭಾಗವಹಿಸಿದ್ದರು.
ವಿದ್ಯಾರ್ಥಿಗಳು ಗುರು, ಹಿರಿಯರಿಗೆ ಗೌರವ ನೀಡಬೇಕು
ಹುಣಸೂರು, ಮಾ.10(ಕೆಕೆ)- ವಿದ್ಯಾರ್ಥಿಗಳು ಶಿಕ್ಷಣದ ಜೊತೆಗೆ ಸಂಸ್ಕಾರ ಕಲಿತು ಗುರು, ಹಿರಿಯರಿಗೆ ಗೌರವ ನೀಡುವ ಮೂಲಕ ಉತ್ತಮ ಪ್ರಜೆಗಳಾಗಬೇಕು ಎಂದು ಮುಖ್ಯ ಶಿಕ್ಷಕ ಮಾತನಾಡಿದರು. ತಾಲೂಕಿನ ಹನಗೋಡು ಹೋಬಳಿ ಶಾಲೆಯಲ್ಲಿ ನಡೆದ ಕಾರ್ಯಕ್ರಮದಲ್ಲಿ ಮಾತನಾಡಿದ ಅವರು ವಿದ್ಯಾರ್ಥಿಗಳು ಮೊಬೈಲ್ ಬಳಕೆಯಿಂದ ದೂರವಿರಬೇಕು ಎಂದು ಕಿವಿಮಾತು ಹೇಳಿದರು.
ಬದುಕಿನಲ್ಲಿ ಮುನ್ನುಗ್ಗಬೇಕು ಎಂದು ತಿಳಿಸಿ, ಪ್ರಾಚಾರ್ಯರು ಹಾಗೂ ಶಿಕ್ಷಕ ವರ್ಗದವರು ವಿದ್ಯಾರ್ಥಿಗಳಿಗೆ ಶುಭ ಹಾರೈಸಿದರು. ಕಾರ್ಯಕ್ರಮದಲ್ಲಿ ಶಾಲಾಭಿವೃದ್ಧಿ ಸಮಿತಿ ಅಧ್ಯಕ್ಷ, ಸದಸ್ಯರು, ಗ್ರಾಮ ಪಂಚಾಯಿತಿ ಸದಸ್ಯರು, ಪೋಷಕರು ಪಾಲ್ಗೊಂಡಿದ್ದರು.
